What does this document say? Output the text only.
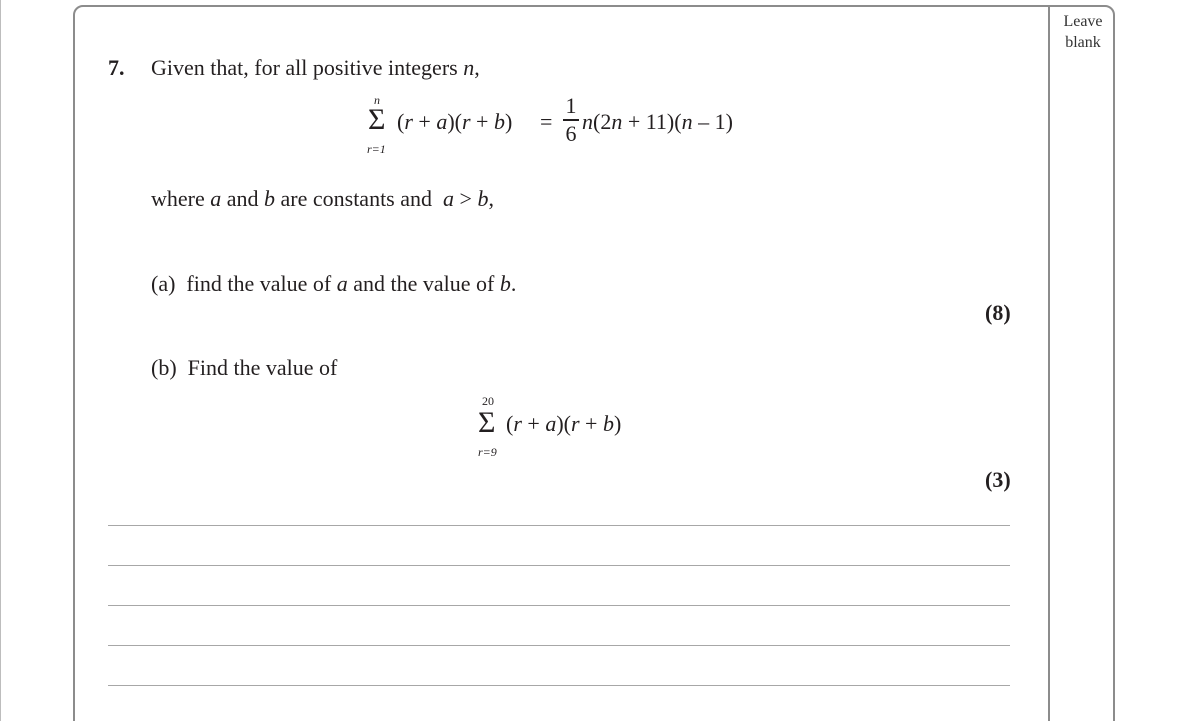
Leave
blank
7. Given that, for all positive integers n,
n
Σ
r=1
(r + a)(r + b) =
1
6 n(2n + 11)(n – 1)
where a and b are constants and a > b,
(a) find the value of a and the value of b.
(8)
(b) Find the value of
20
Σ
r=9
(r + a)(r + b)
(3)
